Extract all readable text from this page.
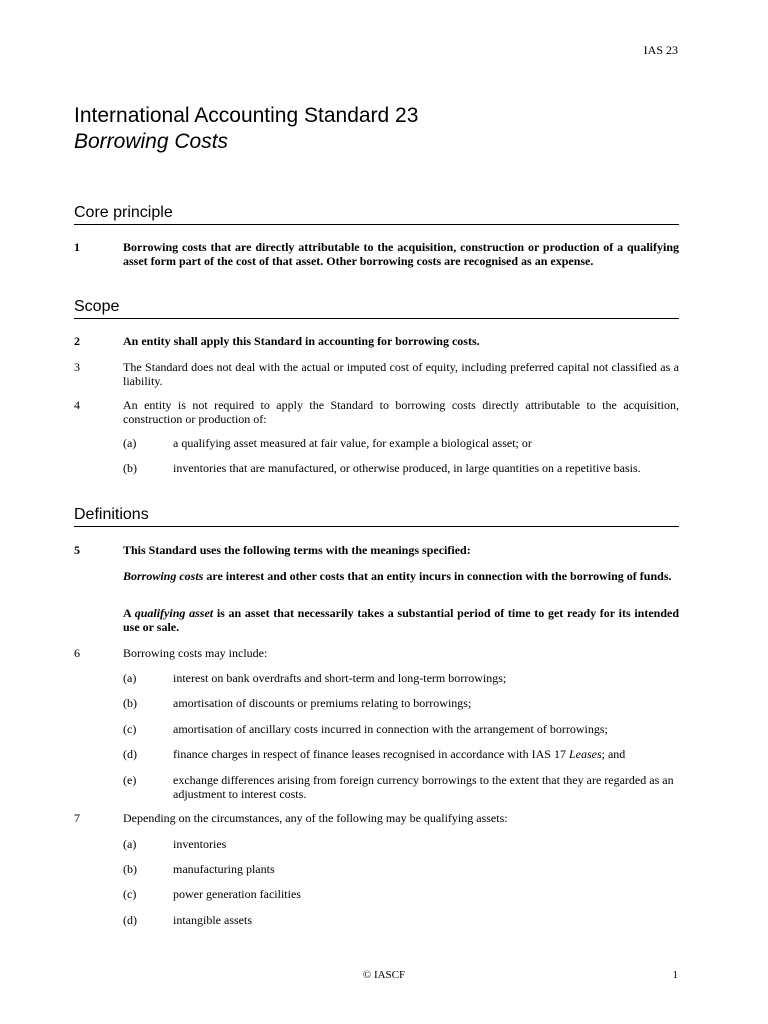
IAS 23

International Accounting Standard 23

Borrowing Costs

Core principle
1	Borrowing costs that are directly attributable to the acquisition, construction or production of a qualifying asset form part of the cost of that asset. Other borrowing costs are recognised as an expense.
Scope
2	An entity shall apply this Standard in accounting for borrowing costs.
3	The Standard does not deal with the actual or imputed cost of equity, including preferred capital not classified as a liability.
4	An entity is not required to apply the Standard to borrowing costs directly attributable to the acquisition, construction or production of:
(a)	a qualifying asset measured at fair value, for example a biological asset; or
(b)	inventories that are manufactured, or otherwise produced, in large quantities on a repetitive basis.
Definitions
5	This Standard uses the following terms with the meanings specified:
Borrowing costs are interest and other costs that an entity incurs in connection with the borrowing of funds.
A qualifying asset is an asset that necessarily takes a substantial period of time to get ready for its intended use or sale.
6	Borrowing costs may include:
(a)	interest on bank overdrafts and short-term and long-term borrowings;
(b)	amortisation of discounts or premiums relating to borrowings;
(c)	amortisation of ancillary costs incurred in connection with the arrangement of borrowings;
(d)	finance charges in respect of finance leases recognised in accordance with IAS 17 Leases; and
(e)	exchange differences arising from foreign currency borrowings to the extent that they are regarded as an adjustment to interest costs.
7	Depending on the circumstances, any of the following may be qualifying assets:
(a)	inventories
(b)	manufacturing plants
(c)	power generation facilities
(d)	intangible assets
© IASCF	1
